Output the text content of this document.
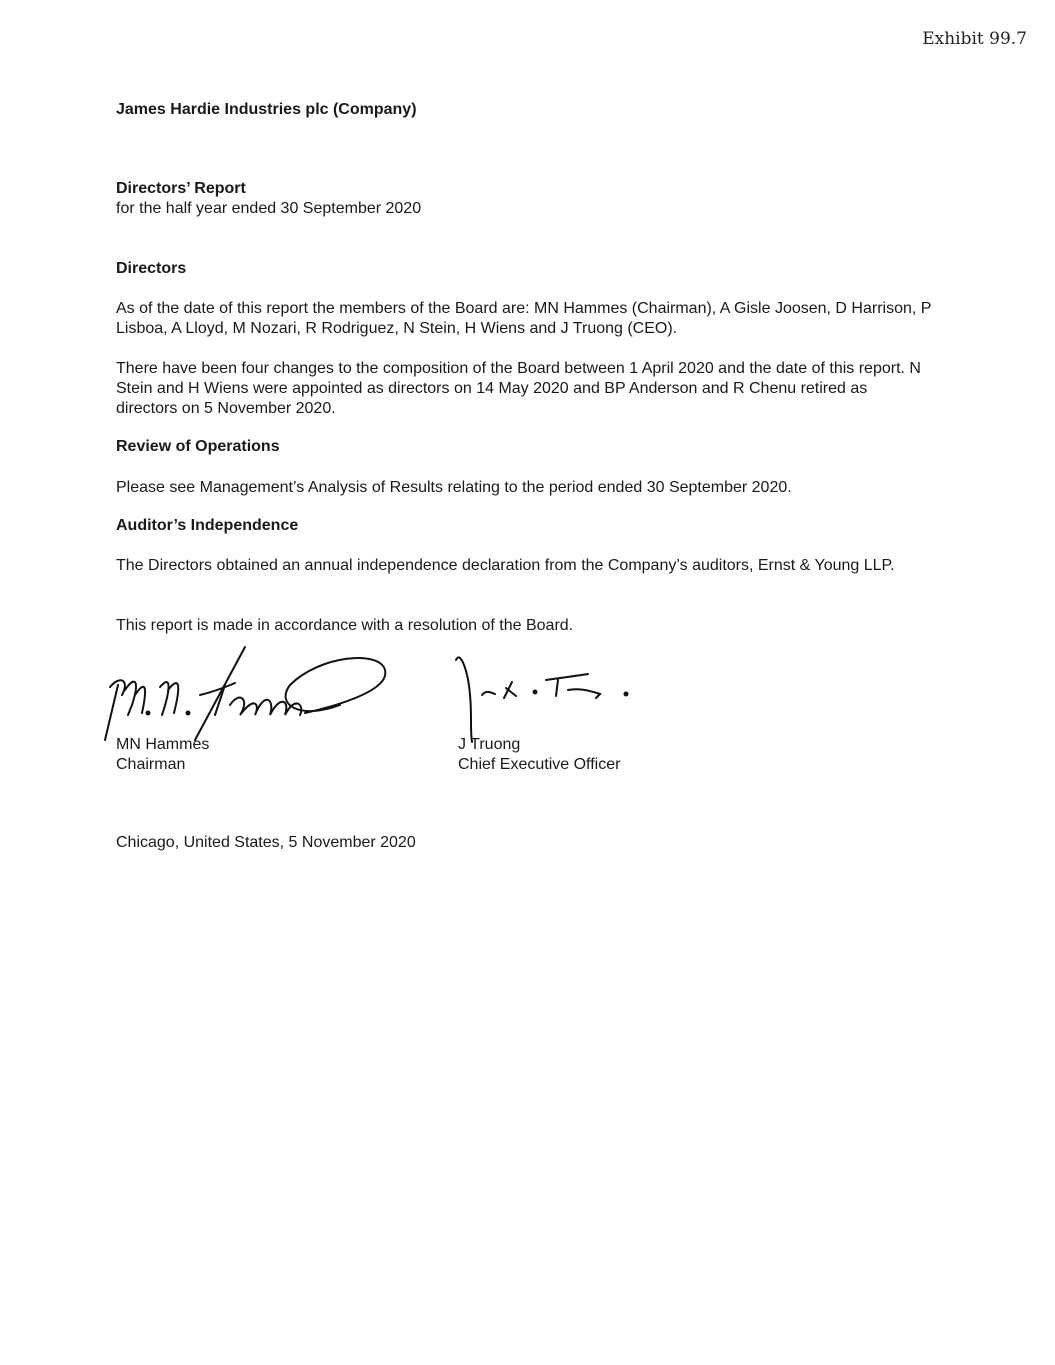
Exhibit 99.7
James Hardie Industries plc (Company)
Directors’ Report
for the half year ended 30 September 2020
Directors
As of the date of this report the members of the Board are: MN Hammes (Chairman), A Gisle Joosen, D Harrison, P Lisboa, A Lloyd, M Nozari, R Rodriguez, N Stein, H Wiens and J Truong (CEO).
There have been four changes to the composition of the Board between 1 April 2020 and the date of this report. N Stein and H Wiens were appointed as directors on 14 May 2020 and BP Anderson and R Chenu retired as directors on 5 November 2020.
Review of Operations
Please see Management’s Analysis of Results relating to the period ended 30 September 2020.
Auditor’s Independence
The Directors obtained an annual independence declaration from the Company’s auditors, Ernst & Young LLP.
This report is made in accordance with a resolution of the Board.
MN Hammes
Chairman
J Truong
Chief Executive Officer
Chicago, United States, 5 November 2020
